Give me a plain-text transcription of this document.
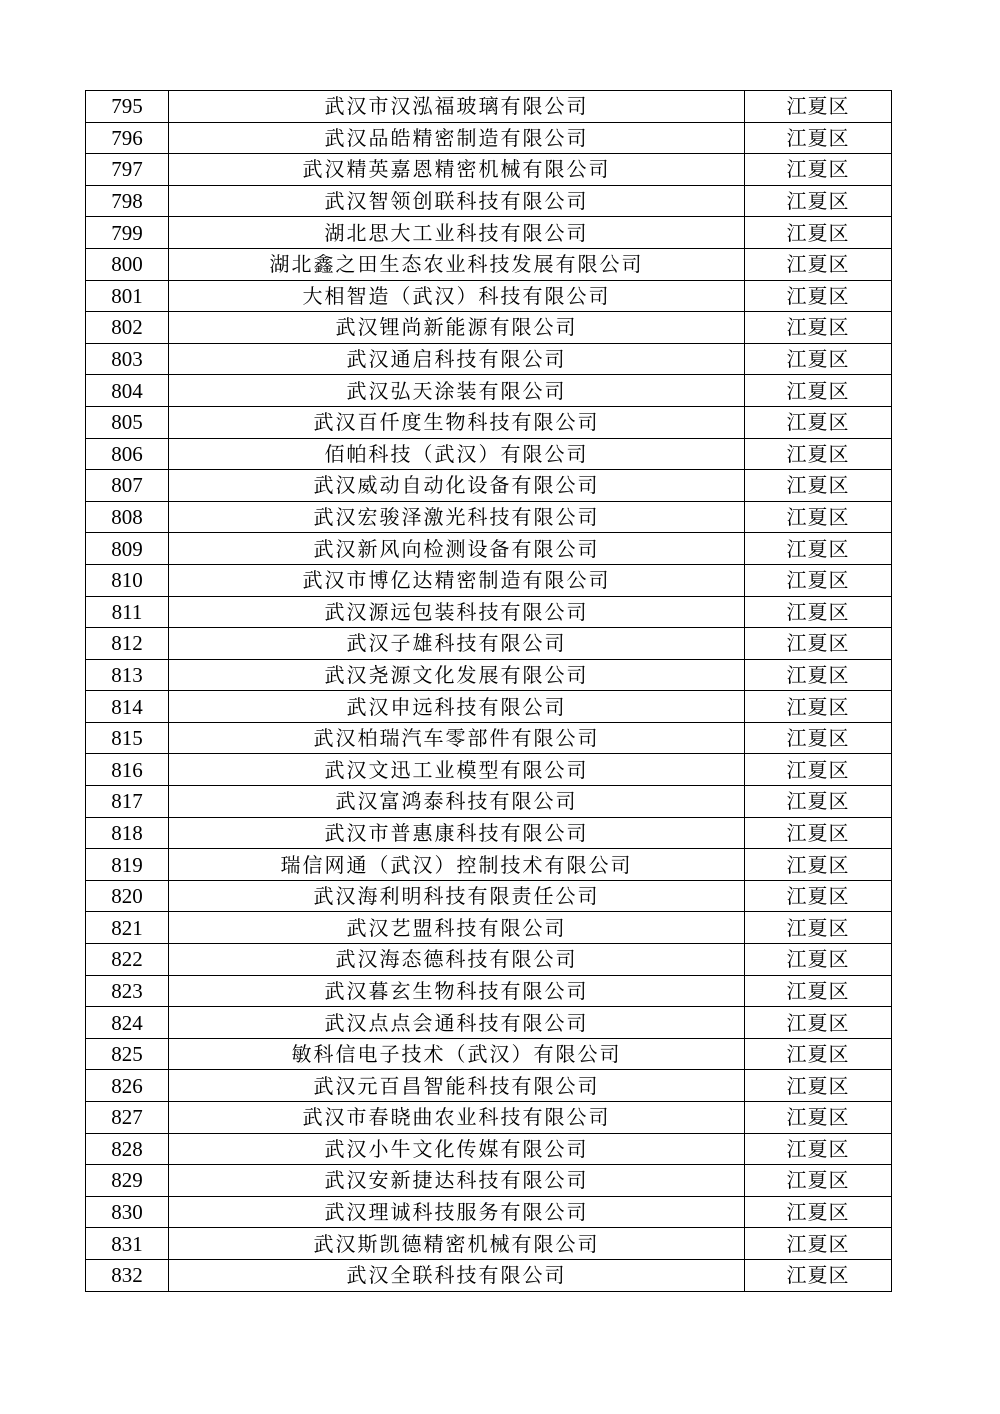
795	武汉市汉泓福玻璃有限公司	江夏区
796	武汉品皓精密制造有限公司	江夏区
797	武汉精英嘉恩精密机械有限公司	江夏区
798	武汉智领创联科技有限公司	江夏区
799	湖北思大工业科技有限公司	江夏区
800	湖北鑫之田生态农业科技发展有限公司	江夏区
801	大相智造（武汉）科技有限公司	江夏区
802	武汉锂尚新能源有限公司	江夏区
803	武汉通启科技有限公司	江夏区
804	武汉弘天涂装有限公司	江夏区
805	武汉百仟度生物科技有限公司	江夏区
806	佰帕科技（武汉）有限公司	江夏区
807	武汉威动自动化设备有限公司	江夏区
808	武汉宏骏泽激光科技有限公司	江夏区
809	武汉新风向检测设备有限公司	江夏区
810	武汉市博亿达精密制造有限公司	江夏区
811	武汉源远包装科技有限公司	江夏区
812	武汉子雄科技有限公司	江夏区
813	武汉尧源文化发展有限公司	江夏区
814	武汉申远科技有限公司	江夏区
815	武汉柏瑞汽车零部件有限公司	江夏区
816	武汉文迅工业模型有限公司	江夏区
817	武汉富鸿泰科技有限公司	江夏区
818	武汉市普惠康科技有限公司	江夏区
819	瑞信网通（武汉）控制技术有限公司	江夏区
820	武汉海利明科技有限责任公司	江夏区
821	武汉艺盟科技有限公司	江夏区
822	武汉海态德科技有限公司	江夏区
823	武汉暮玄生物科技有限公司	江夏区
824	武汉点点会通科技有限公司	江夏区
825	敏科信电子技术（武汉）有限公司	江夏区
826	武汉元百昌智能科技有限公司	江夏区
827	武汉市春晓曲农业科技有限公司	江夏区
828	武汉小牛文化传媒有限公司	江夏区
829	武汉安新捷达科技有限公司	江夏区
830	武汉理诚科技服务有限公司	江夏区
831	武汉斯凯德精密机械有限公司	江夏区
832	武汉全联科技有限公司	江夏区
